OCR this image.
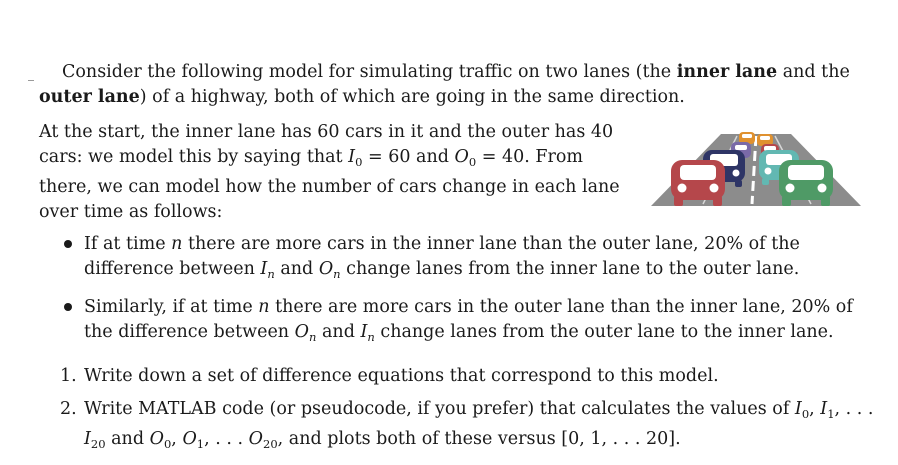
Consider the following model for simulating traffic on two lanes (the inner lane and the outer lane) of a highway, both of which are going in the same direction.

At the start, the inner lane has 60 cars in it and the outer has 40 cars: we model this by saying that $I_0 = 60$ and $O_0 = 40$. From there, we can model how the number of cars change in each lane over time as follows:

If at time n there are more cars in the inner lane than the outer lane, 20% of the difference between $I_n$ and $O_n$ change lanes from the inner lane to the outer lane.
Similarly, if at time n there are more cars in the outer lane than the inner lane, 20% of the difference between $O_n$ and $I_n$ change lanes from the outer lane to the inner lane.
1. Write down a set of difference equations that correspond to this model.
2. Write MATLAB code (or pseudocode, if you prefer) that calculates the values of $I_0$, $I_1$, . . . $I_{20}$ and $O_0$, $O_1$, . . . $O_{20}$, and plots both of these versus [0, 1, . . . 20].
